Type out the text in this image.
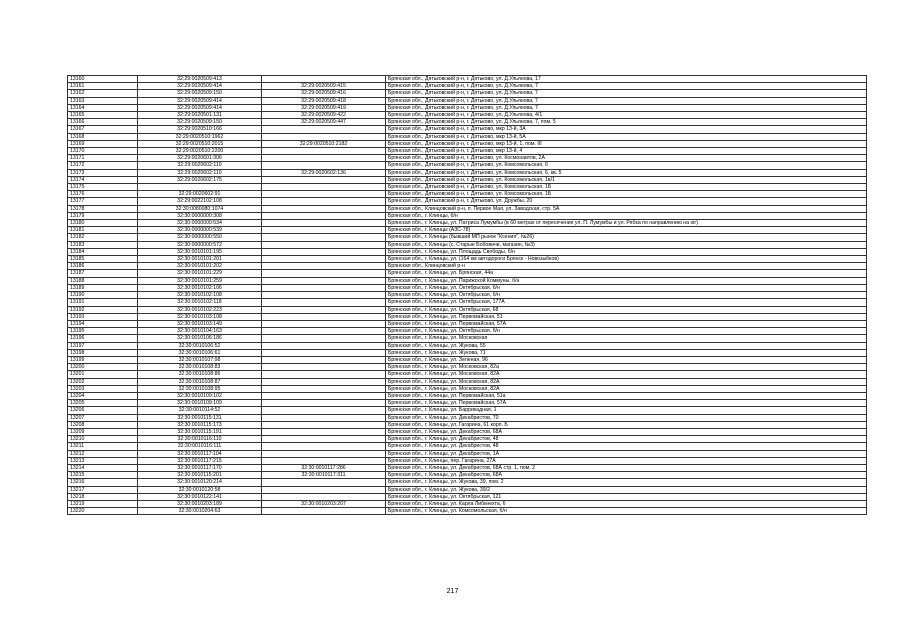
13160	32:29:0020509:413		Брянская обл., Дятьковский р-н, г. Дятьково, ул. Д.Ульянова, 17
13161	32:29:0020509:414	32:29:0020509:415	Брянская обл., Дятьковский р-н, г. Дятьково, ул. Д.Ульянова, 7
13162	32:29:0020509:150	32:29:0020509:416	Брянская обл., Дятьковский р-н, г. Дятьково, ул. Д.Ульянова, 7
13163	32:29:0020509:414	32:29:0020509:418	Брянская обл., Дятьковский р-н, г. Дятьково, ул. Д.Ульянова, 7
13164	32:29:0020509:414	32:29:0020509:419	Брянская обл., Дятьковский р-н, г. Дятьково, ул. Д.Ульянова, 7
13165	32:29:0020501:131	32:29:0020509:422	Брянская обл., Дятьковский р-н, г. Дятьково, ул. Д.Ульянова, 4/1
13166	32:29:0020509:150	32:29:0020509:447	Брянская обл., Дятьковский р-н, г. Дятьково, ул. Д.Ульянова, 7, пом. 5
13167	32:29:0020510:166		Брянская обл., Дятьковский р-н, г. Дятьково, мкр 13-й, 3А
13168	32:29:0020510:1962		Брянская обл., Дятьковский р-н, г. Дятьково, мкр 13-й, 5А
13169	32:29:0020510:2015	32:29:0020510:2182	Брянская обл., Дятьковский р-н, г. Дятьково, мкр 13-й, 1, пом. III
13170	32:29:0020510:2200		Брянская обл., Дятьковский р-н, г. Дятьково, мкр 13-й, 4
13171	32:29:0020601:306		Брянская обл., Дятьковский р-н, г. Дятьково, ул. Космонавтов, 2А
13172	32:29:0020602:110		Брянская обл., Дятьковский р-н, г. Дятьково, ул. Комсомольская, 6
13173	32:29:0020602:110	32:29:0020602:136	Брянская обл., Дятьковский р-н, г. Дятьково, ул. Комсомольская, 6, кв. 5
13174	32:29:0020602:175		Брянская обл., Дятьковский р-н, г. Дятьково, ул. Комсомольская, 1в/1
13175			Брянская обл., Дятьковский р-н, г. Дятьково, ул. Комсомольская, 1Б
13176	32:29:0020602:91		Брянская обл., Дятьковский р-н, г. Дятьково, ул. Комсомольская, 1Б
13177	32:29:0022102:108		Брянская обл., Дятьковский р-н, г. Дятьково, ул. Дружбы, 20
13178	32:30:0080080:1074		Брянская обл., Клинцовский р-н, п. Первое Мая, ул. Заводская, стр. 5А
13179	32:30:0000000:308		Брянская обл., г. Клинцы, б/н
13180	32:30:0000000:534		Брянская обл., г. Клинцы, ул. Патриса Лумумбы (в 60 метрах от пересечения ул. П. Лумумбы и ул. Рябка по направлению на юг)
13181	32:30:0000000:539		Брянская обл., г. Клинцы (АЗС-78)
13182	32:30:0000000:550		Брянская обл., г. Клинцы (бывший МП рынок "Ксения", №26)
13183	32:30:0000000:572		Брянская обл., г. Клинцы (с. Старые Бобовичи, магазин, №3)
13184	32:30:0010101:195		Брянская обл., г. Клинцы, ул. Площадь Свободы, б/н
13185	32:30:0010101:201		Брянская обл., г. Клинцы, ул. (164 км автодороги Брянск - Новозыбков)
13186	32:30:0010101:202		Брянская обл., Клинцовский р-н
13187	32:30:0010101:229		Брянская обл., г. Клинцы, ул. Брянская, 44а
13188	32:30:0010101:259		Брянская обл., г. Клинцы, ул. Парижской Коммуны, б/н
13189	32:30:0010102:106		Брянская обл., г. Клинцы, ул. Октябрьская, б/н
13190	32:30:0010102:108		Брянская обл., г. Клинцы, ул. Октябрьская, б/н
13191	32:30:0010102:118		Брянская обл., г. Клинцы, ул. Октябрьская, 177А
13192	32:30:0010102:223		Брянская обл., г. Клинцы, ул. Октябрьская, 68
13193	32:30:0010103:108		Брянская обл., г. Клинцы, ул. Первомайская, 51
13194	32:30:0010103:149		Брянская обл., г. Клинцы, ул. Первомайская, 57А
13195	32:30:0010104:163		Брянская обл., г. Клинцы, ул. Октябрьская, б/н
13196	32:30:0010106:186		Брянская обл., г. Клинцы, ул. Московская
13197	32:30:0010106:52		Брянская обл., г. Клинцы, ул. Жукова, 55
13198	32:30:0010106:61		Брянская обл., г. Клинцы, ул. Жукова, 71
13199	32:30:0010107:98		Брянская обл., г. Клинцы, ул. Зеленая, 96
13200	32:30:0010108:83		Брянская обл., г. Клинцы, ул. Московская, 82а
13201	32:30:0010108:86		Брянская обл., г. Клинцы, ул. Московская, 82А
13202	32:30:0010108:87		Брянская обл., г. Клинцы, ул. Московская, 82А
13203	32:30:0010108:95		Брянская обл., г. Клинцы, ул. Московская, 82А
13204	32:30:0010109:102		Брянская обл., г. Клинцы, ул. Первомайская, 51а
13205	32:30:0010109:109		Брянская обл., г. Клинцы, ул. Первомайская, 57А
13206	32:30:0010114:52		Брянская обл., г. Клинцы, ул. Баррикадная, 1
13207	32:30:0010115:131		Брянская обл., г. Клинцы, ул. Декабристов, 70
13208	32:30:0010115:173		Брянская обл., г. Клинцы, ул. Гагарина, 61 корп. Б
13209	32:30:0010115:191		Брянская обл., г. Клинцы, ул. Декабристов, 68А
13210	32:30:0010116:110		Брянская обл., г. Клинцы, ул. Декабристов, 48
13211	32:30:0010116:111		Брянская обл., г. Клинцы, ул. Декабристов, 48
13212	32:30:0010117:104		Брянская обл., г. Клинцы, ул. Декабристов, 1А
13213	32:30:0010117:215		Брянская обл., г. Клинцы, пер. Гагарина, 27А
13214	32:30:0010117:170	32:30:0010117:286	Брянская обл., г. Клинцы, ул. Декабристов, 68А стр. 1, пом. 2
13215	32:30:0010115:201	32:30:0010117:311	Брянская обл., г. Клинцы, ул. Декабристов, 68А
13216	32:30:0010120:214		Брянская обл., г. Клинцы, ул. Жукова, 39, пом. 2
13217	32:30:0010120:58		Брянская обл., г. Клинцы, ул. Жукова, 39/2
13218	32:30:0010122:141		Брянская обл., г. Клинцы, ул. Октябрьская, 121
13219	32:30:0010203:189	32:30:0010203:207	Брянская обл., г. Клинцы, ул. Карла Либкнехта, 6
13220	32:30:0010204:63		Брянская обл., г. Клинцы, ул. Комсомольская, б/н
217
